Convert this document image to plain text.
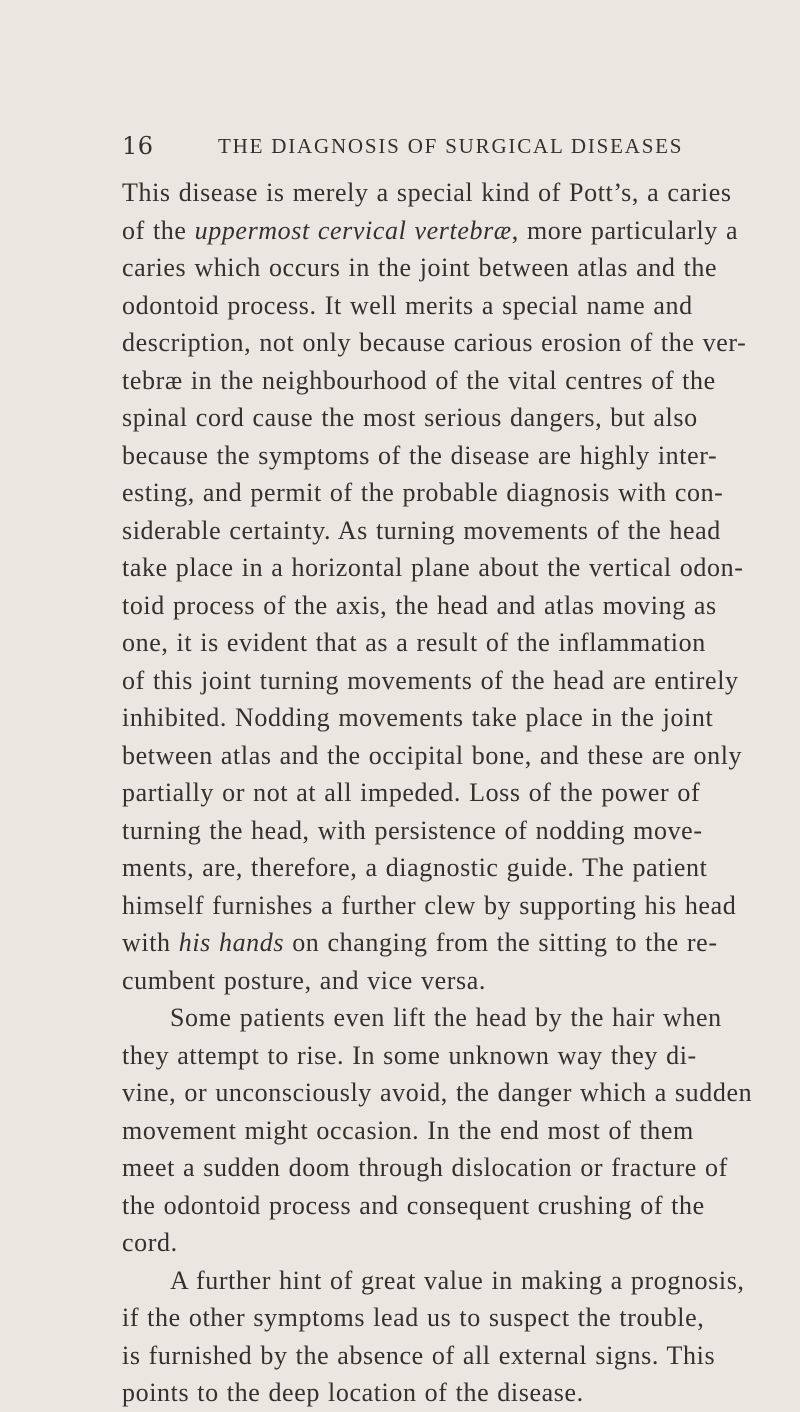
16	THE DIAGNOSIS OF SURGICAL DISEASES
This disease is merely a special kind of Pott’s, a caries
of the uppermost cervical vertebræ, more particularly a
caries which occurs in the joint between atlas and the
odontoid process. It well merits a special name and
description, not only because carious erosion of the ver-
tebræ in the neighbourhood of the vital centres of the
spinal cord cause the most serious dangers, but also
because the symptoms of the disease are highly inter-
esting, and permit of the probable diagnosis with con-
siderable certainty. As turning movements of the head
take place in a horizontal plane about the vertical odon-
toid process of the axis, the head and atlas moving as
one, it is evident that as a result of the inflammation
of this joint turning movements of the head are entirely
inhibited. Nodding movements take place in the joint
between atlas and the occipital bone, and these are only
partially or not at all impeded. Loss of the power of
turning the head, with persistence of nodding move-
ments, are, therefore, a diagnostic guide. The patient
himself furnishes a further clew by supporting his head
with his hands on changing from the sitting to the re-
cumbent posture, and vice versa.
Some patients even lift the head by the hair when
they attempt to rise. In some unknown way they di-
vine, or unconsciously avoid, the danger which a sudden
movement might occasion. In the end most of them
meet a sudden doom through dislocation or fracture of
the odontoid process and consequent crushing of the
cord.
A further hint of great value in making a prognosis,
if the other symptoms lead us to suspect the trouble,
is furnished by the absence of all external signs. This
points to the deep location of the disease.
